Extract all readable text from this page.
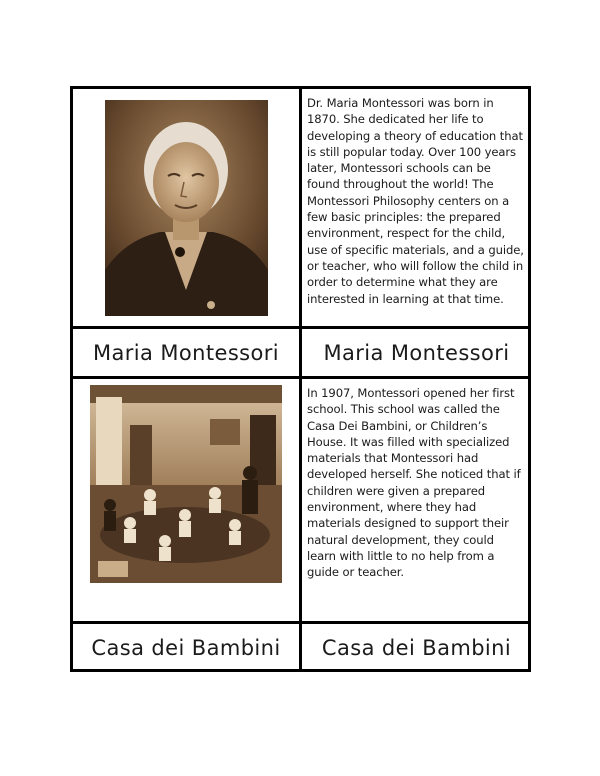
Dr. Maria Montessori was born in 1870. She dedicated her life to developing a theory of education that is still popular today. Over 100 years later, Montessori schools can be found throughout the world! The Montessori Philosophy centers on a few basic principles: the prepared environment, respect for the child, use of specific materials, and a guide, or teacher, who will follow the child in order to determine what they are interested in learning at that time.
Maria Montessori	Maria Montessori
In 1907, Montessori opened her first school. This school was called the Casa Dei Bambini, or Children’s House. It was filled with specialized materials that Montessori had developed herself. She noticed that if children were given a prepared environment, where they had materials designed to support their natural development, they could learn with little to no help from a guide or teacher.
Casa dei Bambini	Casa dei Bambini
